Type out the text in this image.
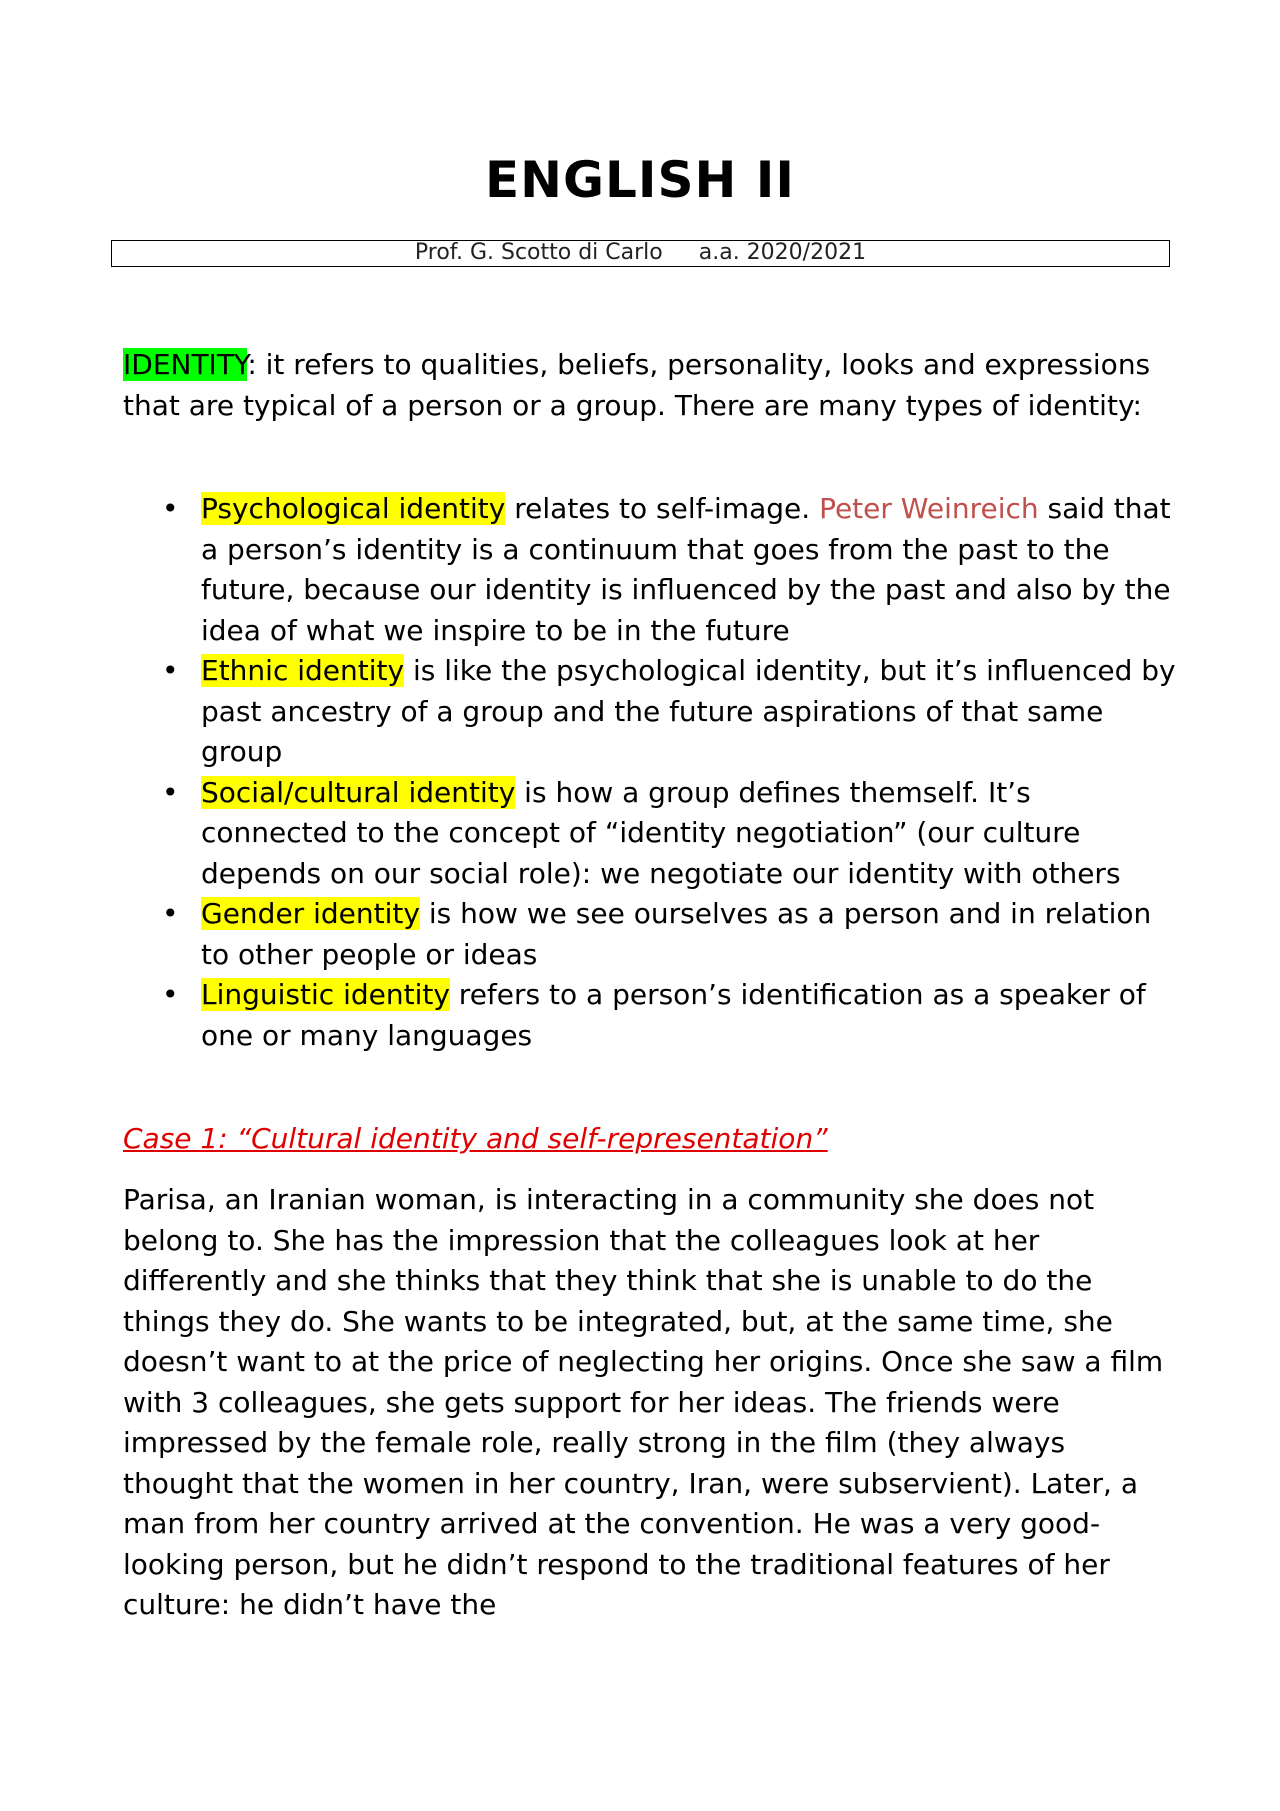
ENGLISH II
Prof. G. Scotto di Carlo a.a. 2020/2021
IDENTITY: it refers to qualities, beliefs, personality, looks and expressions that are typical of a person or a group. There are many types of identity:
• Psychological identity relates to self-image. Peter Weinreich said that a person’s identity is a continuum that goes from the past to the future, because our identity is influenced by the past and also by the idea of what we inspire to be in the future
• Ethnic identity is like the psychological identity, but it’s influenced by past ancestry of a group and the future aspirations of that same group
• Social/cultural identity is how a group defines themself. It’s connected to the concept of “identity negotiation” (our culture depends on our social role): we negotiate our identity with others
• Gender identity is how we see ourselves as a person and in relation to other people or ideas
• Linguistic identity refers to a person’s identification as a speaker of one or many languages
Case 1: “Cultural identity and self-representation”
Parisa, an Iranian woman, is interacting in a community she does not belong to. She has the impression that the colleagues look at her differently and she thinks that they think that she is unable to do the things they do. She wants to be integrated, but, at the same time, she doesn’t want to at the price of neglecting her origins. Once she saw a film with 3 colleagues, she gets support for her ideas. The friends were impressed by the female role, really strong in the film (they always thought that the women in her country, Iran, were subservient). Later, a man from her country arrived at the convention. He was a very good-looking person, but he didn’t respond to the traditional features of her culture: he didn’t have the
